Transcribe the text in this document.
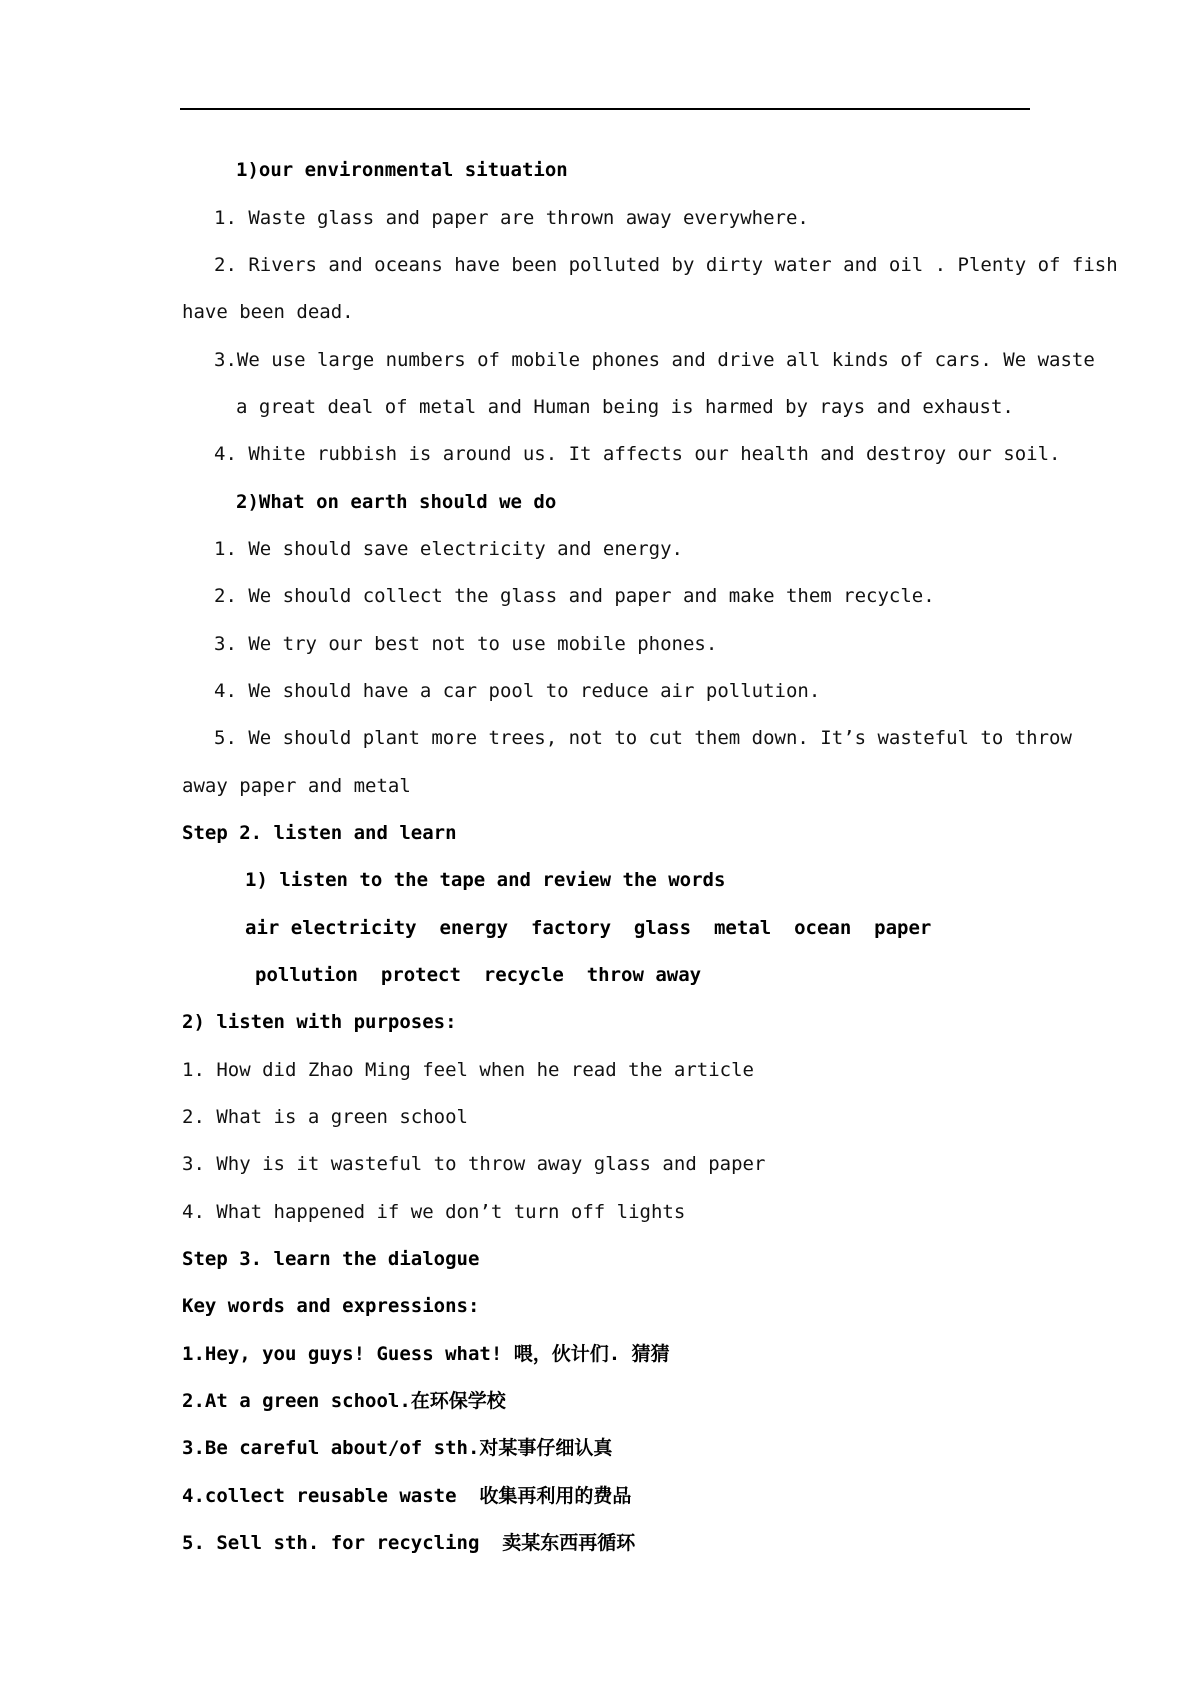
1)our environmental situation
1. Waste glass and paper are thrown away everywhere.
2. Rivers and oceans have been polluted by dirty water and oil . Plenty of fish
have been dead.
3.We use large numbers of mobile phones and drive all kinds of cars. We waste
a great deal of metal and Human being is harmed by rays and exhaust.
4. White rubbish is around us. It affects our health and destroy our soil.
2)What on earth should we do
1. We should save electricity and energy.
2. We should collect the glass and paper and make them recycle.
3. We try our best not to use mobile phones.
4. We should have a car pool to reduce air pollution.
5. We should plant more trees, not to cut them down. It’s wasteful to throw
away paper and metal
Step 2. listen and learn
1) listen to the tape and review the words
air electricity  energy  factory  glass  metal  ocean  paper
pollution  protect  recycle  throw away
2) listen with purposes:
1. How did Zhao Ming feel when he read the article
2. What is a green school
3. Why is it wasteful to throw away glass and paper
4. What happened if we don’t turn off lights
Step 3. learn the dialogue
Key words and expressions:
1.Hey, you guys! Guess what! 喂，伙计们. 猜猜
2.At a green school.在环保学校
3.Be careful about/of sth.对某事仔细认真
4.collect reusable waste  收集再利用的费品
5. Sell sth. for recycling  卖某东西再循环
